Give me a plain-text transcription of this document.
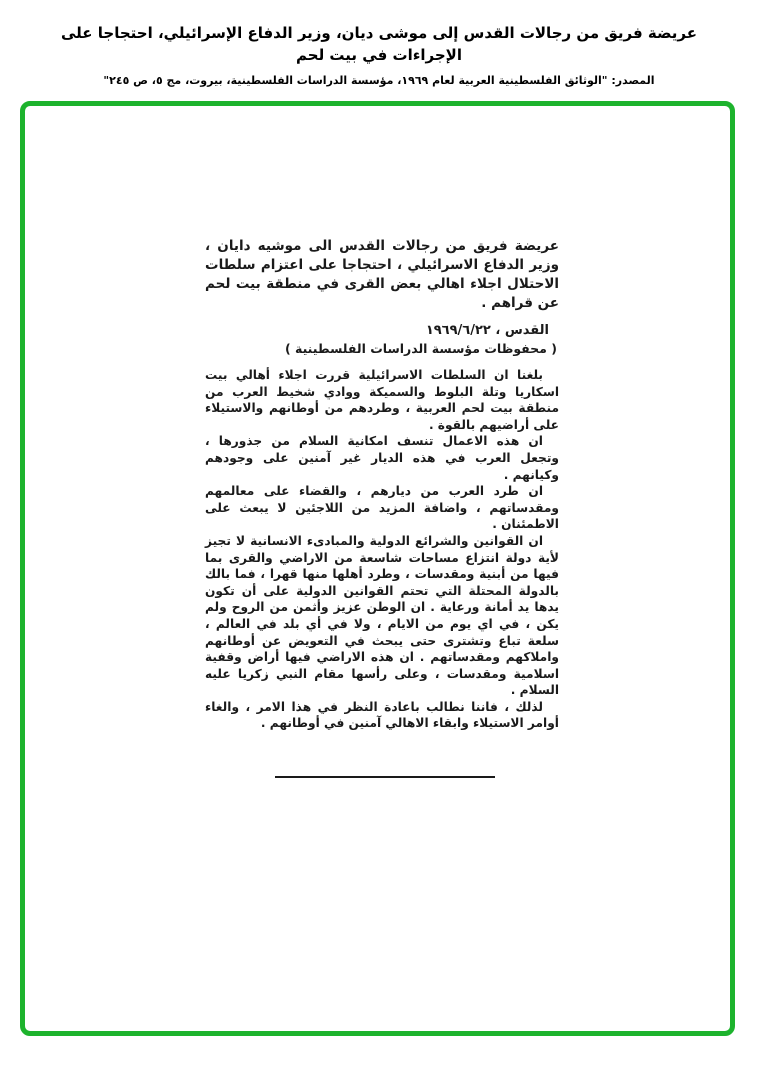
عريضة فريق من رجالات القدس إلى موشى ديان، وزير الدفاع الإسرائيلي، احتجاجا على الإجراءات في بيت لحم
المصدر: "الوثائق الفلسطينية العربية لعام ١٩٦٩، مؤسسة الدراسات الفلسطينية، بيروت، مج ٥، ص ٢٤٥"

عريضة فريق من رجالات القدس الى موشيه دايان ، وزير الدفاع الاسرائيلي ، احتجاجا على اعتزام سلطات الاحتلال اجلاء اهالي بعض القرى في منطقة بيت لحم عن قراهم .

القدس ، ١٩٦٩/٦/٢٢
( محفوظات مؤسسة الدراسات الفلسطينية )

بلغنا ان السلطات الاسرائيلية قررت اجلاء أهالي بيت اسكاريا وتلة البلوط والسميكة ووادي شخيط العرب من منطقة بيت لحم العربية ، وطردهم من أوطانهم والاستيلاء على أراضيهم بالقوة .

ان هذه الاعمال تنسف امكانية السلام من جذورها ، وتجعل العرب في هذه الديار غير آمنين على وجودهم وكيانهم .

ان طرد العرب من ديارهم ، والقضاء على معالمهم ومقدساتهم ، واضافة المزيد من اللاجئين لا يبعث على الاطمئنان .

ان القوانين والشرائع الدولية والمبادىء الانسانية لا تجيز لأية دولة انتزاع مساحات شاسعة من الاراضي والقرى بما فيها من أبنية ومقدسات ، وطرد أهلها منها قهرا ، فما بالك بالدولة المحتلة التي تحتم القوانين الدولية على أن تكون يدها يد أمانة ورعاية . ان الوطن عزيز وأثمن من الروح ولم يكن ، في اي يوم من الايام ، ولا في أي بلد في العالم ، سلعة تباع وتشترى حتى يبحث في التعويض عن أوطانهم واملاكهم ومقدساتهم . ان هذه الاراضي فيها أراض وقفية اسلامية ومقدسات ، وعلى رأسها مقام النبي زكريا عليه السلام .

لذلك ، فاننا نطالب باعادة النظر في هذا الامر ، والغاء أوامر الاستيلاء وابقاء الاهالي آمنين في أوطانهم .
